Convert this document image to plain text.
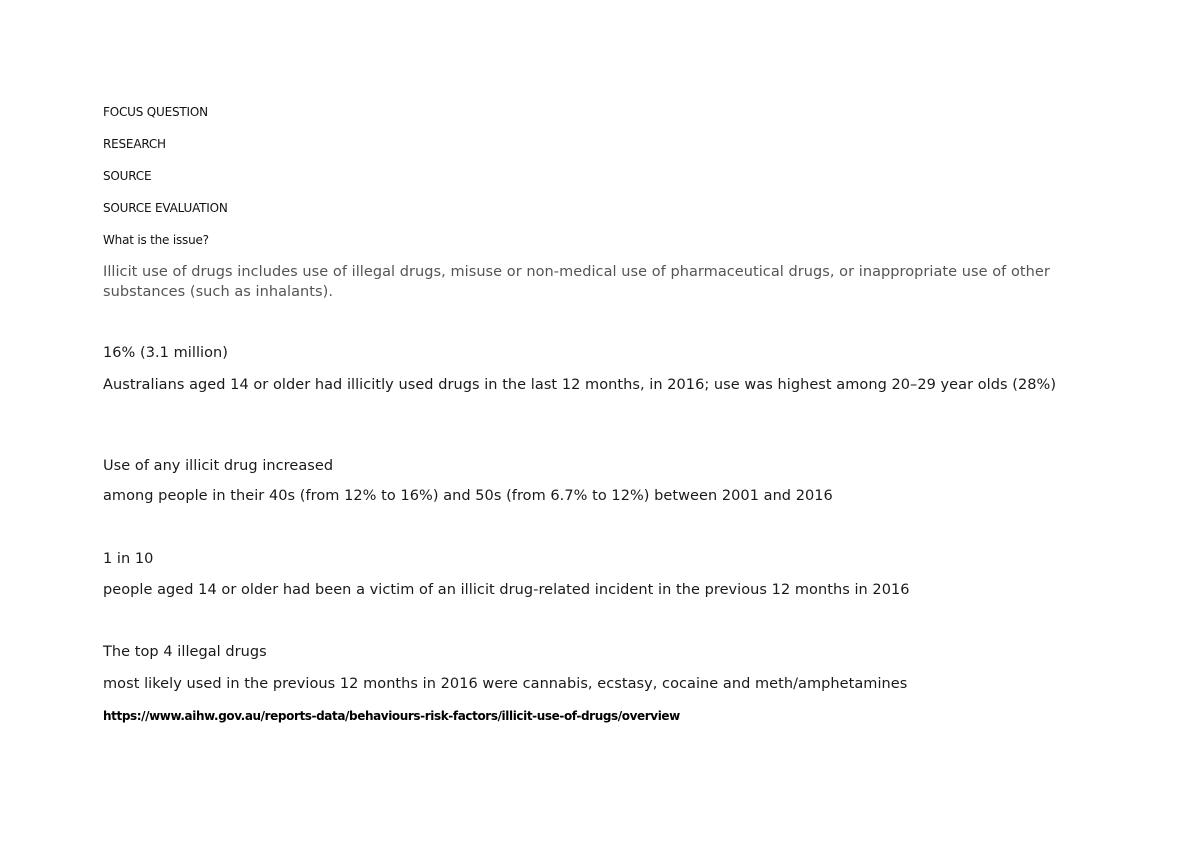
FOCUS QUESTION

RESEARCH

SOURCE

SOURCE EVALUATION

What is the issue?

Illicit use of drugs includes use of illegal drugs, misuse or non-medical use of pharmaceutical drugs, or inappropriate use of other substances (such as inhalants).

16% (3.1 million)

Australians aged 14 or older had illicitly used drugs in the last 12 months, in 2016; use was highest among 20–29 year olds (28%)

Use of any illicit drug increased

among people in their 40s (from 12% to 16%) and 50s (from 6.7% to 12%) between 2001 and 2016

1 in 10

people aged 14 or older had been a victim of an illicit drug-related incident in the previous 12 months in 2016

The top 4 illegal drugs

most likely used in the previous 12 months in 2016 were cannabis, ecstasy, cocaine and meth/amphetamines

https://www.aihw.gov.au/reports-data/behaviours-risk-factors/illicit-use-of-drugs/overview
